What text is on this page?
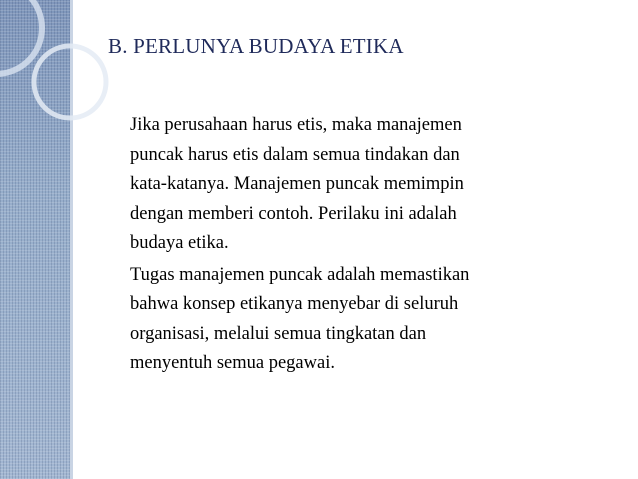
B. PERLUNYA BUDAYA ETIKA

Jika perusahaan harus etis, maka manajemen
puncak harus etis dalam semua tindakan dan
kata-katanya. Manajemen puncak memimpin
dengan memberi contoh. Perilaku ini adalah
budaya etika.

Tugas manajemen puncak adalah memastikan
bahwa konsep etikanya menyebar di seluruh
organisasi, melalui semua tingkatan dan
menyentuh semua pegawai.
